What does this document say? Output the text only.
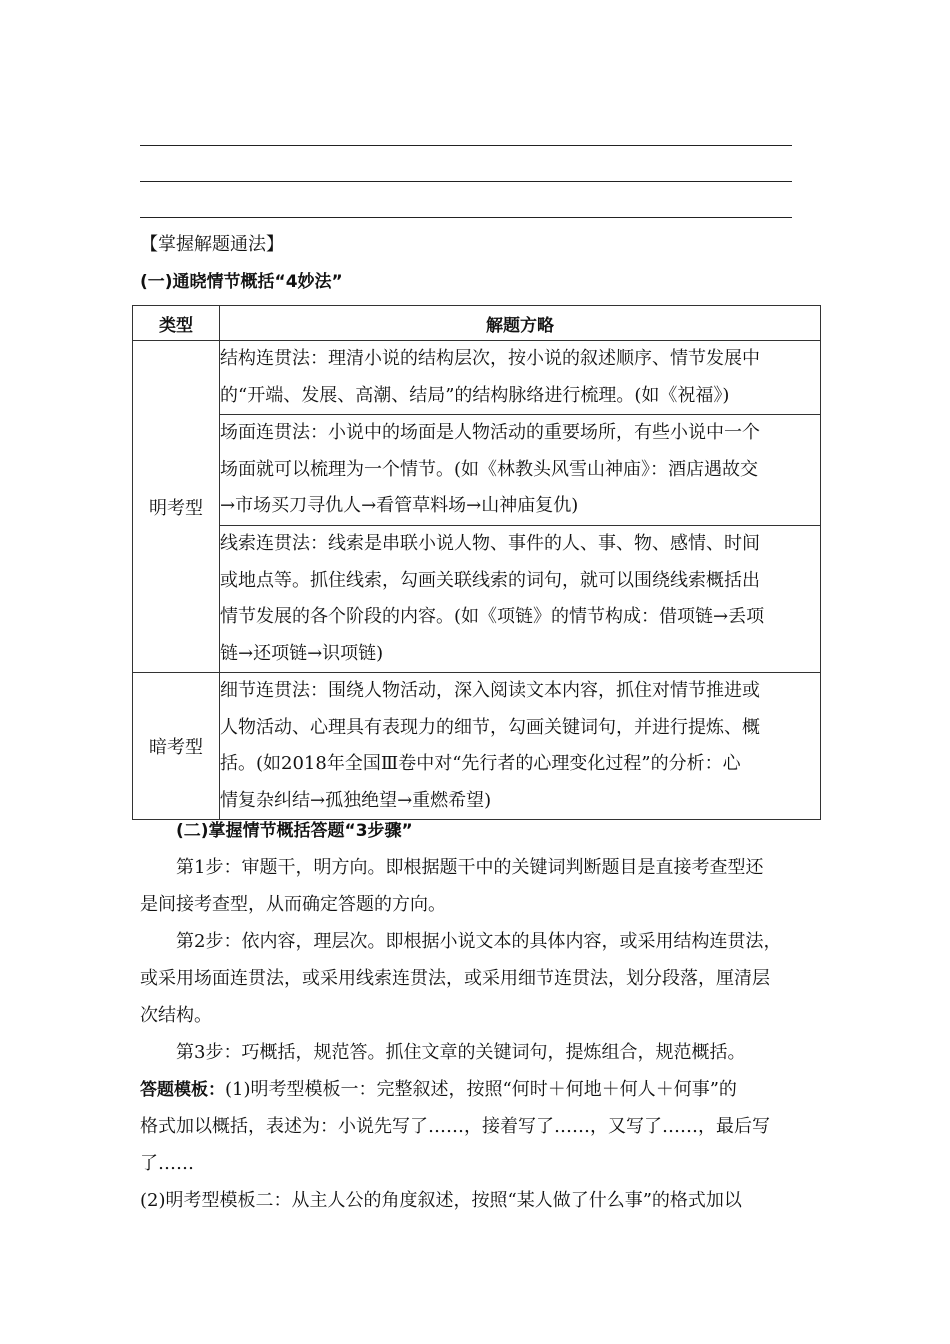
【掌握解题通法】
(一)通晓情节概括“4妙法”
类型	解题方略
明考型	结构连贯法：理清小说的结构层次，按小说的叙述顺序、情节发展中
的“开端、发展、高潮、结局”的结构脉络进行梳理。(如《祝福》)

	场面连贯法：小说中的场面是人物活动的重要场所，有些小说中一个
场面就可以梳理为一个情节。(如《林教头风雪山神庙》：酒店遇故交
→市场买刀寻仇人→看管草料场→山神庙复仇)

	线索连贯法：线索是串联小说人物、事件的人、事、物、感情、时间
或地点等。抓住线索，勾画关联线索的词句，就可以围绕线索概括出
情节发展的各个阶段的内容。(如《项链》的情节构成：借项链→丢项
链→还项链→识项链)

暗考型	细节连贯法：围绕人物活动，深入阅读文本内容，抓住对情节推进或
人物活动、心理具有表现力的细节，勾画关键词句，并进行提炼、概
括。(如2018年全国Ⅲ卷中对“先行者的心理变化过程”的分析：心
情复杂纠结→孤独绝望→重燃希望)
(二)掌握情节概括答题“3步骤”
第1步：审题干，明方向。即根据题干中的关键词判断题目是直接考查型还
是间接考查型，从而确定答题的方向。
第2步：依内容，理层次。即根据小说文本的具体内容，或采用结构连贯法，
或采用场面连贯法，或采用线索连贯法，或采用细节连贯法，划分段落，厘清层
次结构。
第3步：巧概括，规范答。抓住文章的关键词句，提炼组合，规范概括。
答题模板：(1)明考型模板一：完整叙述，按照“何时＋何地＋何人＋何事”的
格式加以概括，表述为：小说先写了……，接着写了……，又写了……，最后写
了……
(2)明考型模板二：从主人公的角度叙述，按照“某人做了什么事”的格式加以
